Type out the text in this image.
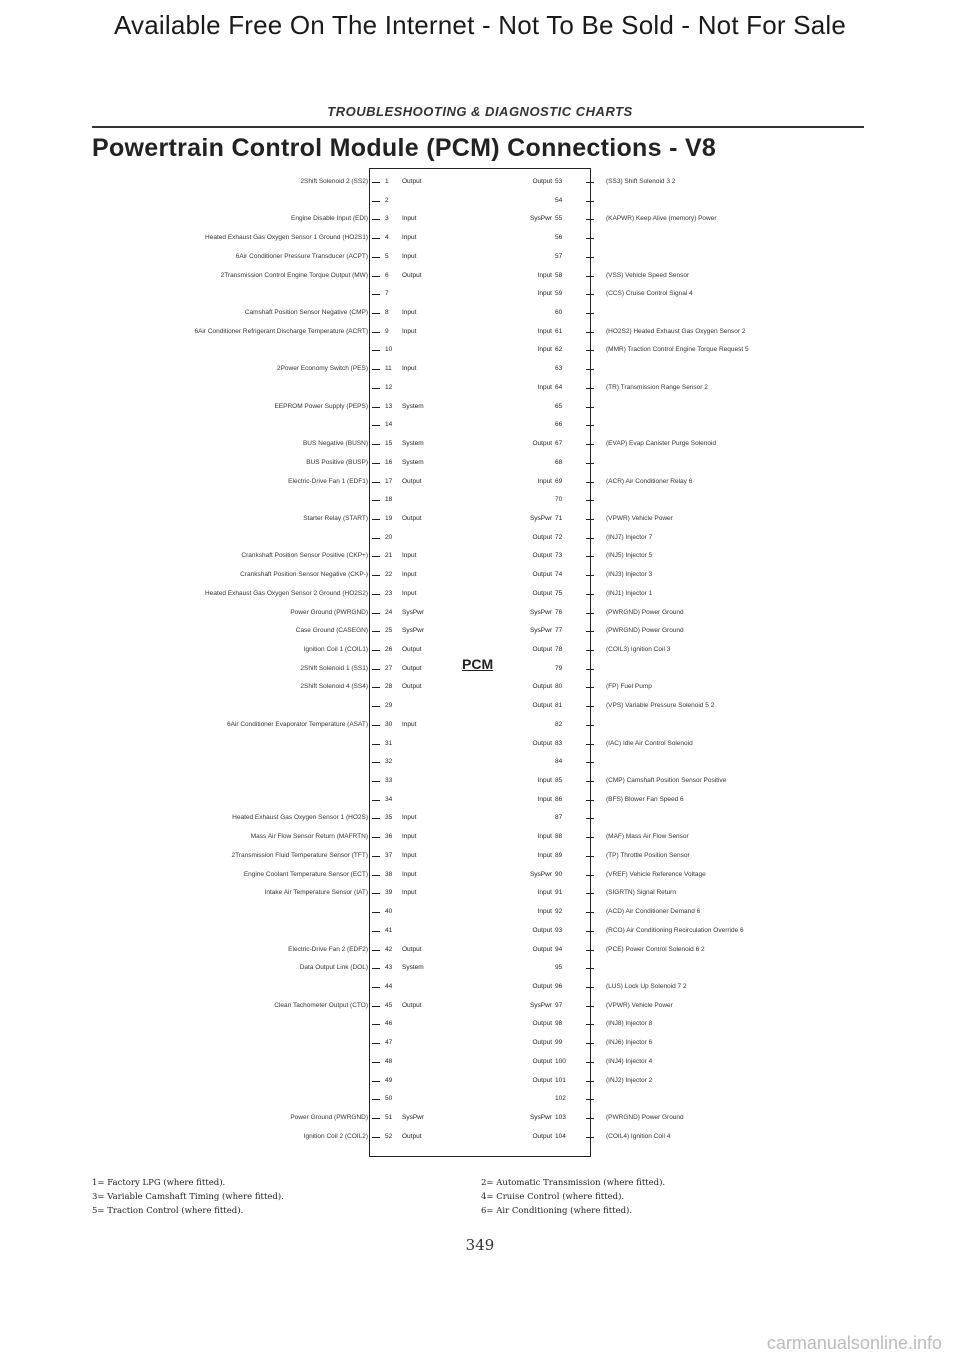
Available Free On The Internet - Not To Be Sold - Not For Sale
TROUBLESHOOTING & DIAGNOSTIC CHARTS
Powertrain Control Module (PCM) Connections - V8
PCM
2Shift Solenoid 2 (SS2)	1	Output	Output 53	(SS3) Shift Solenoid 3 2
2	54
Engine Disable Input (EDI)	3	Input	SysPwr 55	(KAPWR) Keep Alive (memory) Power
Heated Exhaust Gas Oxygen Sensor 1 Ground (HO2S1)	4	Input	56
6Air Conditioner Pressure Transducer (ACPT)	5	Input	57
2Transmission Control Engine Torque Output (MW)	6	Output	Input 58	(VSS) Vehicle Speed Sensor
7	Input 59	(CCS) Cruise Control Signal 4
Camshaft Position Sensor Negative (CMP)	8	Input	60
6Air Conditioner Refrigerant Discharge Temperature (ACRT)	9	Input	Input 61	(HO2S2) Heated Exhaust Gas Oxygen Sensor 2
10	Input 62	(MMR) Traction Control Engine Torque Request 5
2Power Economy Switch (PES)	11	Input	63
12	Input 64	(TR) Transmission Range Sensor 2
EEPROM Power Supply (PEPS)	13	System	65
14	66
BUS Negative (BUSN)	15	System	Output 67	(EVAP) Evap Canister Purge Solenoid
BUS Positive (BUSP)	16	System	68
Electric-Drive Fan 1 (EDF1)	17	Output	Input 69	(ACR) Air Conditioner Relay 6
18	70
Starter Relay (START)	19	Output	SysPwr 71	(VPWR) Vehicle Power
20	Output 72	(INJ7) Injector 7
Crankshaft Position Sensor Positive (CKP+)	21	Input	Output 73	(INJ5) Injector 5
Crankshaft Position Sensor Negative (CKP-)	22	Input	Output 74	(INJ3) Injector 3
Heated Exhaust Gas Oxygen Sensor 2 Ground (HO2S2)	23	Input	Output 75	(INJ1) Injector 1
Power Ground (PWRGND)	24	SysPwr	SysPwr 76	(PWRGND) Power Ground
Case Ground (CASEGN)	25	SysPwr	SysPwr 77	(PWRGND) Power Ground
Ignition Coil 1 (COIL1)	26	Output	Output 78	(COIL3) Ignition Coil 3
2Shift Solenoid 1 (SS1)	27	Output	79
2Shift Solenoid 4 (SS4)	28	Output	Output 80	(FP) Fuel Pump
29	Output 81	(VPS) Variable Pressure Solenoid 5 2
6Air Conditioner Evaporator Temperature (ASAT)	30	Input	82
31	Output 83	(IAC) Idle Air Control Solenoid
32	84
33	Input 85	(CMP) Camshaft Position Sensor Positive
34	Input 86	(BFS) Blower Fan Speed 6
Heated Exhaust Gas Oxygen Sensor 1 (HO2S)	35	Input	87
Mass Air Flow Sensor Return (MAFRTN)	36	Input	Input 88	(MAF) Mass Air Flow Sensor
2Transmission Fluid Temperature Sensor (TFT)	37	Input	Input 89	(TP) Throttle Position Sensor
Engine Coolant Temperature Sensor (ECT)	38	Input	SysPwr 90	(VREF) Vehicle Reference Voltage
Intake Air Temperature Sensor (IAT)	39	Input	Input 91	(SIGRTN) Signal Return
40	Input 92	(ACD) Air Conditioner Demand 6
41	Output 93	(RCO) Air Conditioning Recirculation Override 6
Electric-Drive Fan 2 (EDF2)	42	Output	Output 94	(PCE) Power Control Solenoid 6 2
Data Output Link (DOL)	43	System	95
44	Output 96	(LUS) Lock Up Solenoid 7 2
Clean Tachometer Output (CTO)	45	Output	SysPwr 97	(VPWR) Vehicle Power
46	Output 98	(INJ8) Injector 8
47	Output 99	(INJ6) Injector 6
48	Output 100	(INJ4) Injector 4
49	Output 101	(INJ2) Injector 2
50	102
Power Ground (PWRGND)	51	SysPwr	SysPwr 103	(PWRGND) Power Ground
Ignition Coil 2 (COIL2)	52	Output	Output 104	(COIL4) Ignition Coil 4
1= Factory LPG (where fitted).
3= Variable Camshaft Timing (where fitted).
5= Traction Control (where fitted).
2= Automatic Transmission (where fitted).
4= Cruise Control (where fitted).
6= Air Conditioning (where fitted).
349
carmanualsonline.info
